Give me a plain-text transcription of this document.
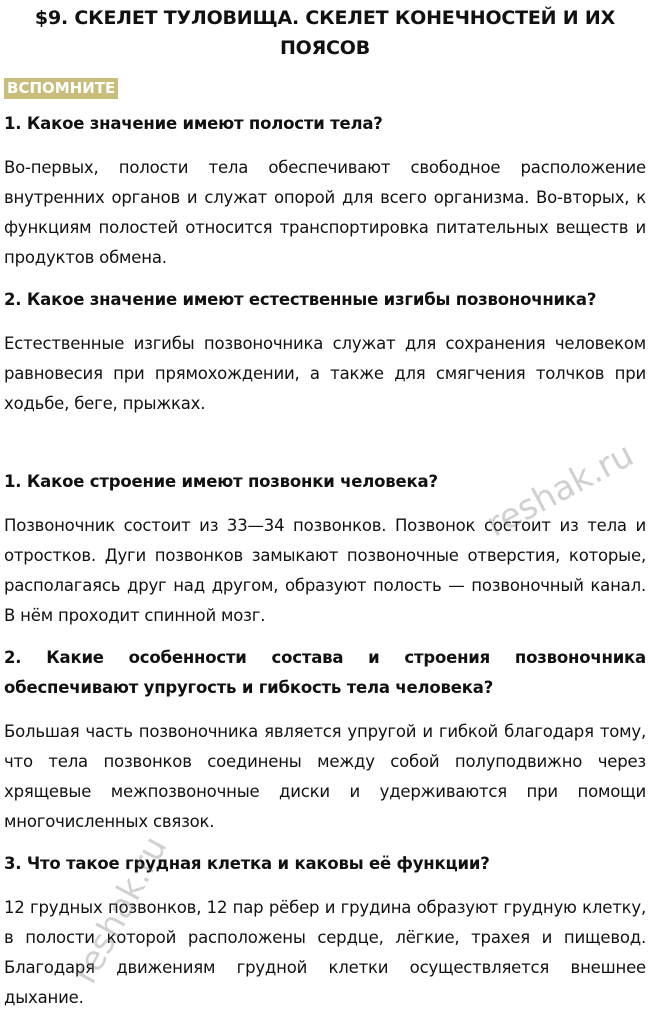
$9. СКЕЛЕТ ТУЛОВИЩА. СКЕЛЕТ КОНЕЧНОСТЕЙ И ИХ ПОЯСОВ
ВСПОМНИТЕ

1. Какое значение имеют полости тела?

Во-первых, полости тела обеспечивают свободное расположение внутренних органов и служат опорой для всего организма. Во-вторых, к функциям полостей относится транспортировка питательных веществ и продуктов обмена.

2. Какое значение имеют естественные изгибы позвоночника?

Естественные изгибы позвоночника служат для сохранения человеком равновесия при прямохождении, а также для смягчения толчков при ходьбе, беге, прыжках.

1. Какое строение имеют позвонки человека?

Позвоночник состоит из 33—34 позвонков. Позвонок состоит из тела и отростков. Дуги позвонков замыкают позвоночные отверстия, которые, располагаясь друг над другом, образуют полость — позвоночный канал. В нём проходит спинной мозг.

2. Какие особенности состава и строения позвоночника обеспечивают упругость и гибкость тела человека?

Большая часть позвоночника является упругой и гибкой благодаря тому, что тела позвонков соединены между собой полуподвижно через хрящевые межпозвоночные диски и удерживаются при помощи многочисленных связок.

3. Что такое грудная клетка и каковы её функции?

12 грудных позвонков, 12 пар рёбер и грудина образуют грудную клетку, в полости которой расположены сердце, лёгкие, трахея и пищевод. Благодаря движениям грудной клетки осуществляется внешнее дыхание.

reshak.ru
reshak.ru
